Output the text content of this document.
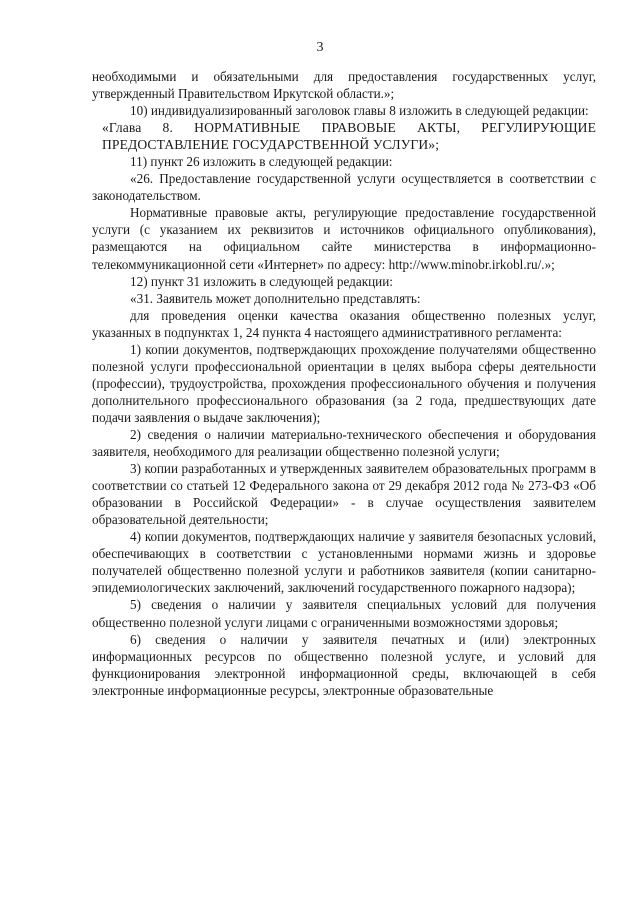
3

необходимыми и обязательными для предоставления государственных услуг, утвержденный Правительством Иркутской области.»;

10) индивидуализированный заголовок главы 8 изложить в следующей редакции:

«Глава 8. НОРМАТИВНЫЕ ПРАВОВЫЕ АКТЫ, РЕГУЛИРУЮЩИЕ ПРЕДОСТАВЛЕНИЕ ГОСУДАРСТВЕННОЙ УСЛУГИ»;

11) пункт 26 изложить в следующей редакции:

«26. Предоставление государственной услуги осуществляется в соответствии с законодательством.

Нормативные правовые акты, регулирующие предоставление государственной услуги (с указанием их реквизитов и источников официального опубликования), размещаются на официальном сайте министерства в информационно-телекоммуникационной сети «Интернет» по адресу: http://www.minobr.irkobl.ru/.»;

12) пункт 31 изложить в следующей редакции:

«31. Заявитель может дополнительно представлять:

для проведения оценки качества оказания общественно полезных услуг, указанных в подпунктах 1, 24 пункта 4 настоящего административного регламента:

1) копии документов, подтверждающих прохождение получателями общественно полезной услуги профессиональной ориентации в целях выбора сферы деятельности (профессии), трудоустройства, прохождения профессионального обучения и получения дополнительного профессионального образования (за 2 года, предшествующих дате подачи заявления о выдаче заключения);

2) сведения о наличии материально-технического обеспечения и оборудования заявителя, необходимого для реализации общественно полезной услуги;

3) копии разработанных и утвержденных заявителем образовательных программ в соответствии со статьей 12 Федерального закона от 29 декабря 2012 года № 273-ФЗ «Об образовании в Российской Федерации» - в случае осуществления заявителем образовательной деятельности;

4) копии документов, подтверждающих наличие у заявителя безопасных условий, обеспечивающих в соответствии с установленными нормами жизнь и здоровье получателей общественно полезной услуги и работников заявителя (копии санитарно-эпидемиологических заключений, заключений государственного пожарного надзора);

5) сведения о наличии у заявителя специальных условий для получения общественно полезной услуги лицами с ограниченными возможностями здоровья;

6) сведения о наличии у заявителя печатных и (или) электронных информационных ресурсов по общественно полезной услуге, и условий для функционирования электронной информационной среды, включающей в себя электронные информационные ресурсы, электронные образовательные
